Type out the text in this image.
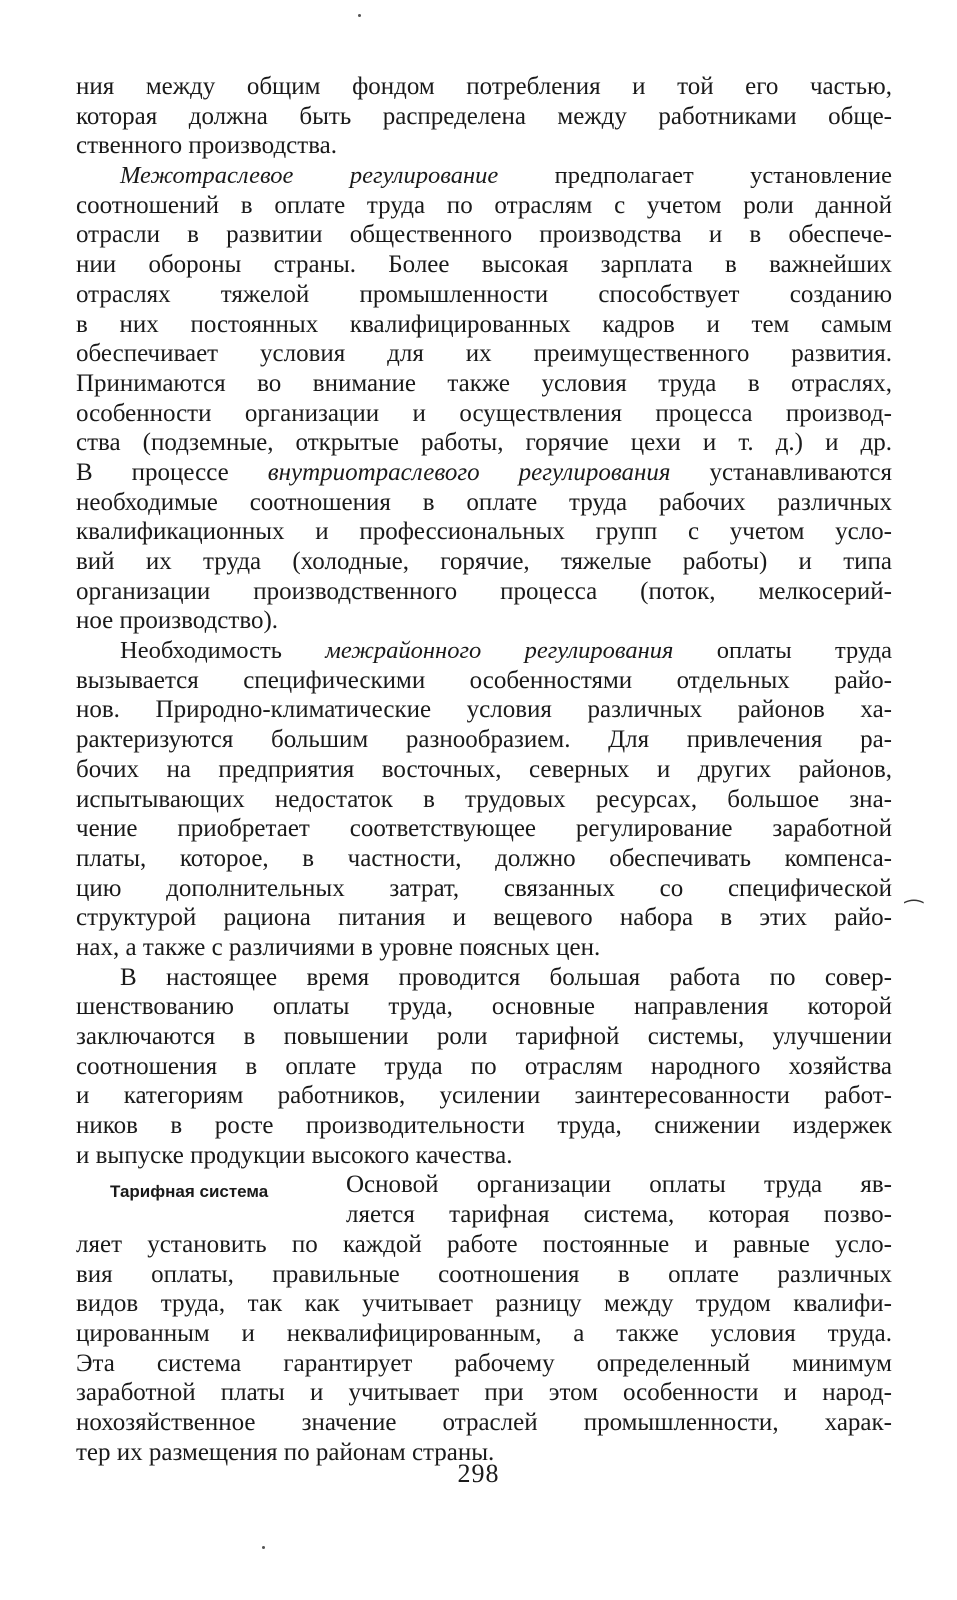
ния между общим фондом потребления и той его частью,
которая должна быть распределена между работниками обще-
ственного производства.
Межотраслевое регулирование предполагает установление
соотношений в оплате труда по отраслям с учетом роли данной
отрасли в развитии общественного производства и в обеспече-
нии обороны страны. Более высокая зарплата в важнейших
отраслях тяжелой промышленности способствует созданию
в них постоянных квалифицированных кадров и тем самым
обеспечивает условия для их преимущественного развития.
Принимаются во внимание также условия труда в отраслях,
особенности организации и осуществления процесса производ-
ства (подземные, открытые работы, горячие цехи и т. д.) и др.
В процессе внутриотраслевого регулирования устанавливаются
необходимые соотношения в оплате труда рабочих различных
квалификационных и профессиональных групп с учетом усло-
вий их труда (холодные, горячие, тяжелые работы) и типа
организации производственного процесса (поток, мелкосерий-
ное производство).
Необходимость межрайонного регулирования оплаты труда
вызывается специфическими особенностями отдельных райо-
нов. Природно-климатические условия различных районов ха-
рактеризуются большим разнообразием. Для привлечения ра-
бочих на предприятия восточных, северных и других районов,
испытывающих недостаток в трудовых ресурсах, большое зна-
чение приобретает соответствующее регулирование заработной
платы, которое, в частности, должно обеспечивать компенса-
цию дополнительных затрат, связанных со специфической
структурой рациона питания и вещевого набора в этих райо-
нах, а также с различиями в уровне поясных цен.
В настоящее время проводится большая работа по совер-
шенствованию оплаты труда, основные направления которой
заключаются в повышении роли тарифной системы, улучшении
соотношения в оплате труда по отраслям народного хозяйства
и категориям работников, усилении заинтересованности работ-
ников в росте производительности труда, снижении издержек
и выпуске продукции высокого качества.
Основой организации оплаты труда яв-
ляется тарифная система, которая позво-
ляет установить по каждой работе постоянные и равные усло-
вия оплаты, правильные соотношения в оплате различных
видов труда, так как учитывает разницу между трудом квалифи-
цированным и неквалифицированным, а также условия труда.
Эта система гарантирует рабочему определенный минимум
заработной платы и учитывает при этом особенности и народ-
нохозяйственное значение отраслей промышленности, харак-
тер их размещения по районам страны.
Тарифная система
⁀
298
